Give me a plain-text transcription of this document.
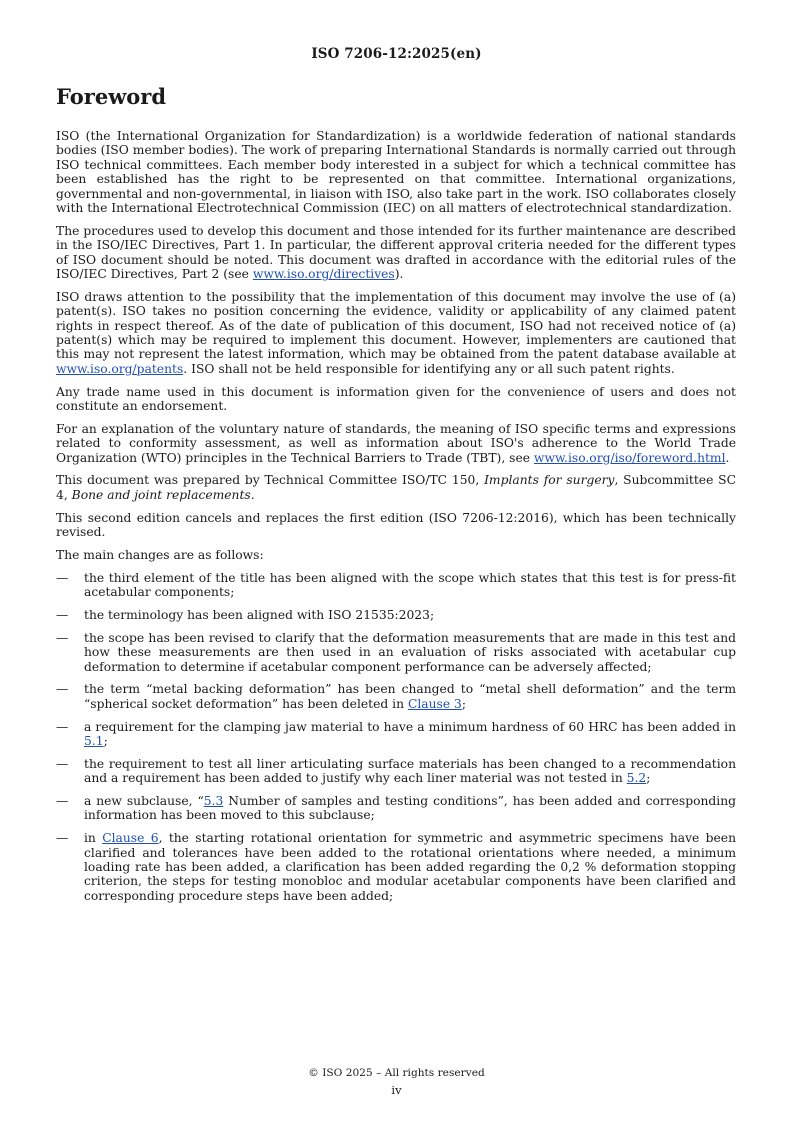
ISO 7206-12:2025(en)
Foreword

ISO (the International Organization for Standardization) is a worldwide federation of national standards bodies (ISO member bodies). The work of preparing International Standards is normally carried out through ISO technical committees. Each member body interested in a subject for which a technical committee has been established has the right to be represented on that committee. International organizations, governmental and non-governmental, in liaison with ISO, also take part in the work. ISO collaborates closely with the International Electrotechnical Commission (IEC) on all matters of electrotechnical standardization.

The procedures used to develop this document and those intended for its further maintenance are described in the ISO/IEC Directives, Part 1. In particular, the different approval criteria needed for the different types of ISO document should be noted. This document was drafted in accordance with the editorial rules of the ISO/IEC Directives, Part 2 (see www.iso.org/directives).

ISO draws attention to the possibility that the implementation of this document may involve the use of (a) patent(s). ISO takes no position concerning the evidence, validity or applicability of any claimed patent rights in respect thereof. As of the date of publication of this document, ISO had not received notice of (a) patent(s) which may be required to implement this document. However, implementers are cautioned that this may not represent the latest information, which may be obtained from the patent database available at www.iso.org/patents. ISO shall not be held responsible for identifying any or all such patent rights.

Any trade name used in this document is information given for the convenience of users and does not constitute an endorsement.

For an explanation of the voluntary nature of standards, the meaning of ISO specific terms and expressions related to conformity assessment, as well as information about ISO's adherence to the World Trade Organization (WTO) principles in the Technical Barriers to Trade (TBT), see www.iso.org/iso/foreword.html.

This document was prepared by Technical Committee ISO/TC 150, Implants for surgery, Subcommittee SC 4, Bone and joint replacements.

This second edition cancels and replaces the first edition (ISO 7206-12:2016), which has been technically revised.

The main changes are as follows:

— the third element of the title has been aligned with the scope which states that this test is for press-fit acetabular components;
— the terminology has been aligned with ISO 21535:2023;
— the scope has been revised to clarify that the deformation measurements that are made in this test and how these measurements are then used in an evaluation of risks associated with acetabular cup deformation to determine if acetabular component performance can be adversely affected;
— the term “metal backing deformation” has been changed to “metal shell deformation” and the term “spherical socket deformation” has been deleted in Clause 3;
— a requirement for the clamping jaw material to have a minimum hardness of 60 HRC has been added in 5.1;
— the requirement to test all liner articulating surface materials has been changed to a recommendation and a requirement has been added to justify why each liner material was not tested in 5.2;
— a new subclause, “5.3 Number of samples and testing conditions”, has been added and corresponding information has been moved to this subclause;
— in Clause 6, the starting rotational orientation for symmetric and asymmetric specimens have been clarified and tolerances have been added to the rotational orientations where needed, a minimum loading rate has been added, a clarification has been added regarding the 0,2 % deformation stopping criterion, the steps for testing monobloc and modular acetabular components have been clarified and corresponding procedure steps have been added;
© ISO 2025 – All rights reserved
iv
